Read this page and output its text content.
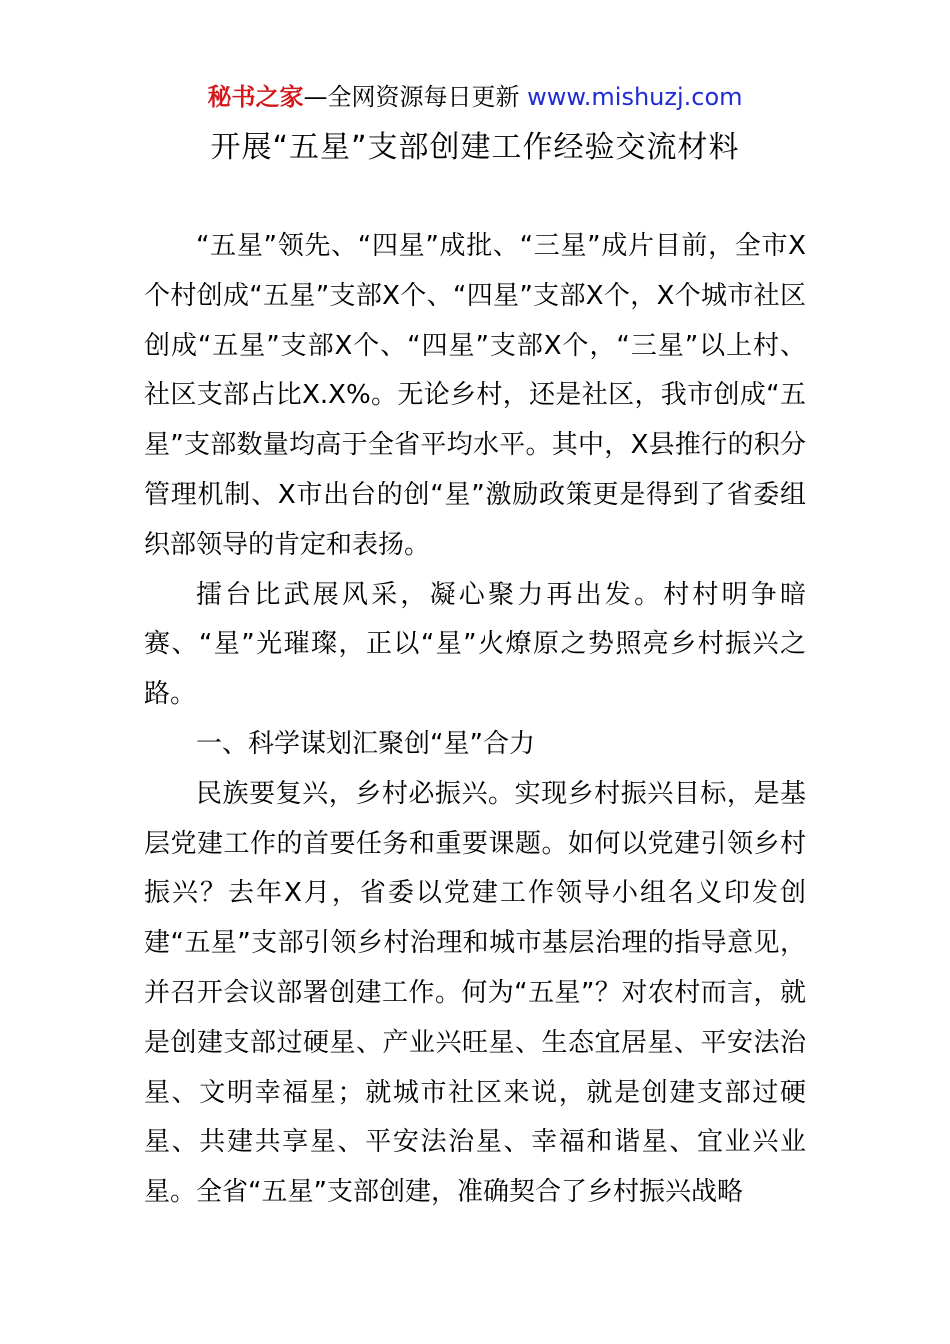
秘书之家—全网资源每日更新 www.mishuzj.com
开展“五星”支部创建工作经验交流材料

“五星”领先、“四星”成批、“三星”成片目前，全市X个村创成“五星”支部X个、“四星”支部X个，X个城市社区创成“五星”支部X个、“四星”支部X个，“三星”以上村、社区支部占比X.X%。无论乡村，还是社区，我市创成“五星”支部数量均高于全省平均水平。其中，X县推行的积分管理机制、X市出台的创“星”激励政策更是得到了省委组织部领导的肯定和表扬。

擂台比武展风采，凝心聚力再出发。村村明争暗赛、“星”光璀璨，正以“星”火燎原之势照亮乡村振兴之路。

一、科学谋划汇聚创“星”合力

民族要复兴，乡村必振兴。实现乡村振兴目标，是基层党建工作的首要任务和重要课题。如何以党建引领乡村振兴？去年X月，省委以党建工作领导小组名义印发创建“五星”支部引领乡村治理和城市基层治理的指导意见，并召开会议部署创建工作。何为“五星”？对农村而言，就是创建支部过硬星、产业兴旺星、生态宜居星、平安法治星、文明幸福星；就城市社区来说，就是创建支部过硬星、共建共享星、平安法治星、幸福和谐星、宜业兴业星。全省“五星”支部创建，准确契合了乡村振兴战略
